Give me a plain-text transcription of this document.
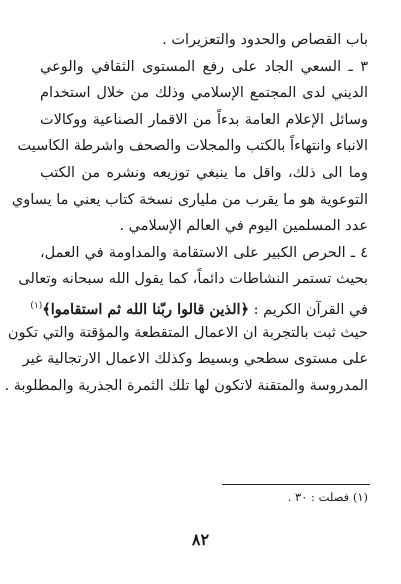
باب القصاص والحدود والتعزيرات .
٣ ـ السعي الجاد على رفع المستوى الثقافي والوعي
الديني لدى المجتمع الإسلامي وذلك من خلال استخدام
وسائل الإعلام العامة بدءاً من الاقمار الصناعية ووكالات
الانباء وانتهاءاً بالكتب والمجلات والصحف واشرطة الكاسيت
وما الى ذلك، واقل ما ينبغي توزيعه ونشره من الكتب
التوعوية هو ما يقرب من مليارى نسخة كتاب يعني ما يساوي
عدد المسلمين اليوم في العالم الإسلامي .
٤ ـ الحرص الكبير على الاستقامة والمداومة في العمل،
بحيث تستمر النشاطات دائماً، كما يقول الله سبحانه وتعالى
في القرآن الكريم : ﴿الذين قالوا ربّنا الله ثم استقاموا﴾$^{(١)}$
حيث ثبت بالتجربة ان الاعمال المتقطعة والمؤقتة والتي تكون
على مستوى سطحي وبسيط وكذلك الاعمال الارتجالية غير
المدروسة والمتقنة لاتكون لها تلك الثمرة الجذرية والمطلوبة .
(١) فصلت : ٣٠ .
٨٢
